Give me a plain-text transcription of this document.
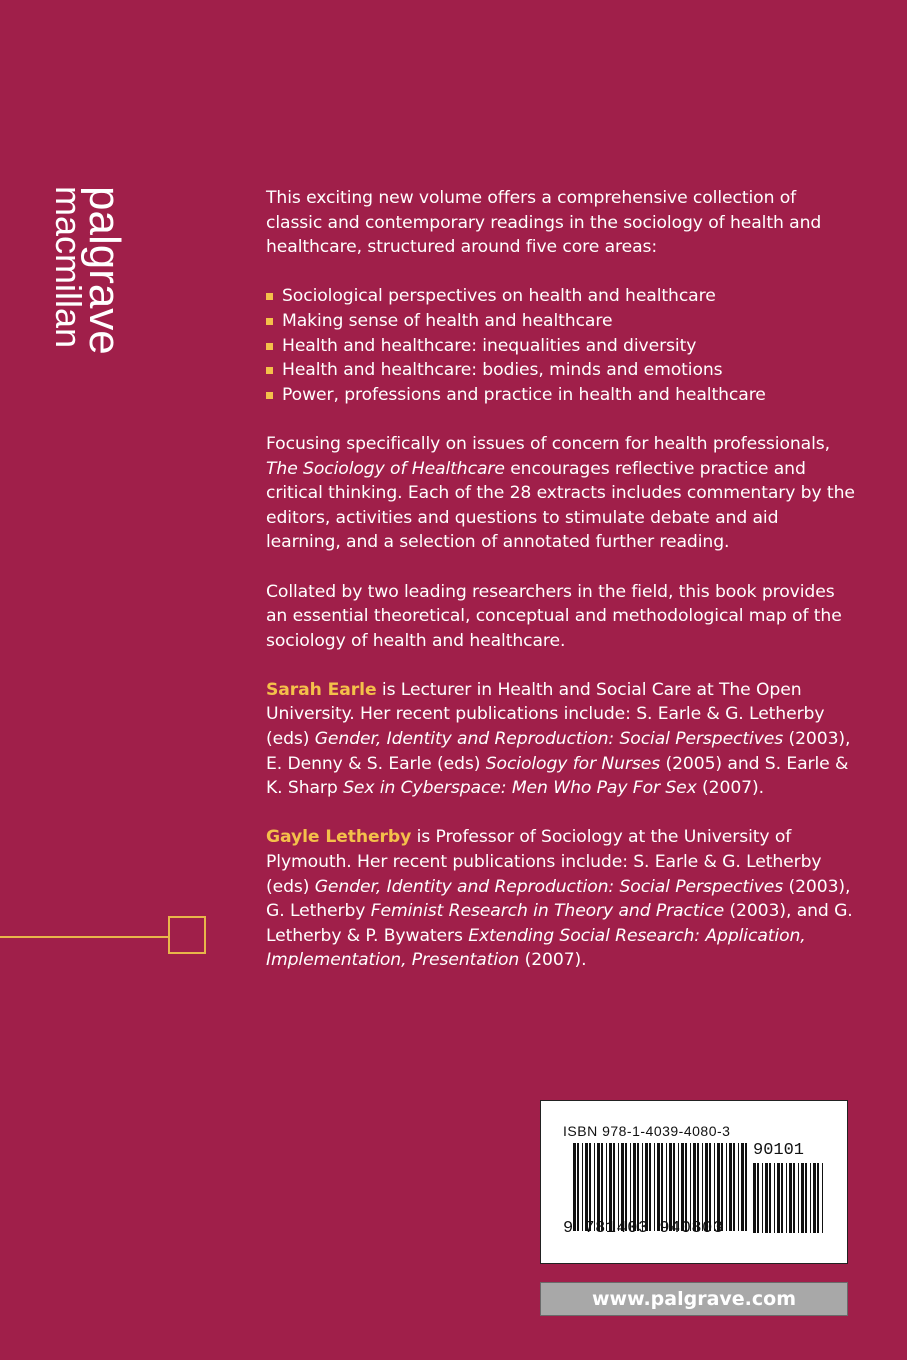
palgrave
macmillan	This exciting new volume offers a comprehensive collection of classic and contemporary readings in the sociology of health and healthcare, structured around five core areas:

Sociological perspectives on health and healthcare
Making sense of health and healthcare
Health and healthcare: inequalities and diversity
Health and healthcare: bodies, minds and emotions
Power, professions and practice in health and healthcare

Focusing specifically on issues of concern for health professionals, The Sociology of Healthcare encourages reflective practice and critical thinking. Each of the 28 extracts includes commentary by the editors, activities and questions to stimulate debate and aid learning, and a selection of annotated further reading.

Collated by two leading researchers in the field, this book provides an essential theoretical, conceptual and methodological map of the sociology of health and healthcare.

Sarah Earle is Lecturer in Health and Social Care at The Open University. Her recent publications include: S. Earle & G. Letherby (eds) Gender, Identity and Reproduction: Social Perspectives (2003), E. Denny & S. Earle (eds) Sociology for Nurses (2005) and S. Earle & K. Sharp Sex in Cyberspace: Men Who Pay For Sex (2007).

Gayle Letherby is Professor of Sociology at the University of Plymouth. Her recent publications include: S. Earle & G. Letherby (eds) Gender, Identity and Reproduction: Social Perspectives (2003), G. Letherby Feminist Research in Theory and Practice (2003), and G. Letherby & P. Bywaters Extending Social Research: Application, Implementation, Presentation (2007).

ISBN 978-1-4039-4080-3
90101
9 781403 940803
www.palgrave.com
